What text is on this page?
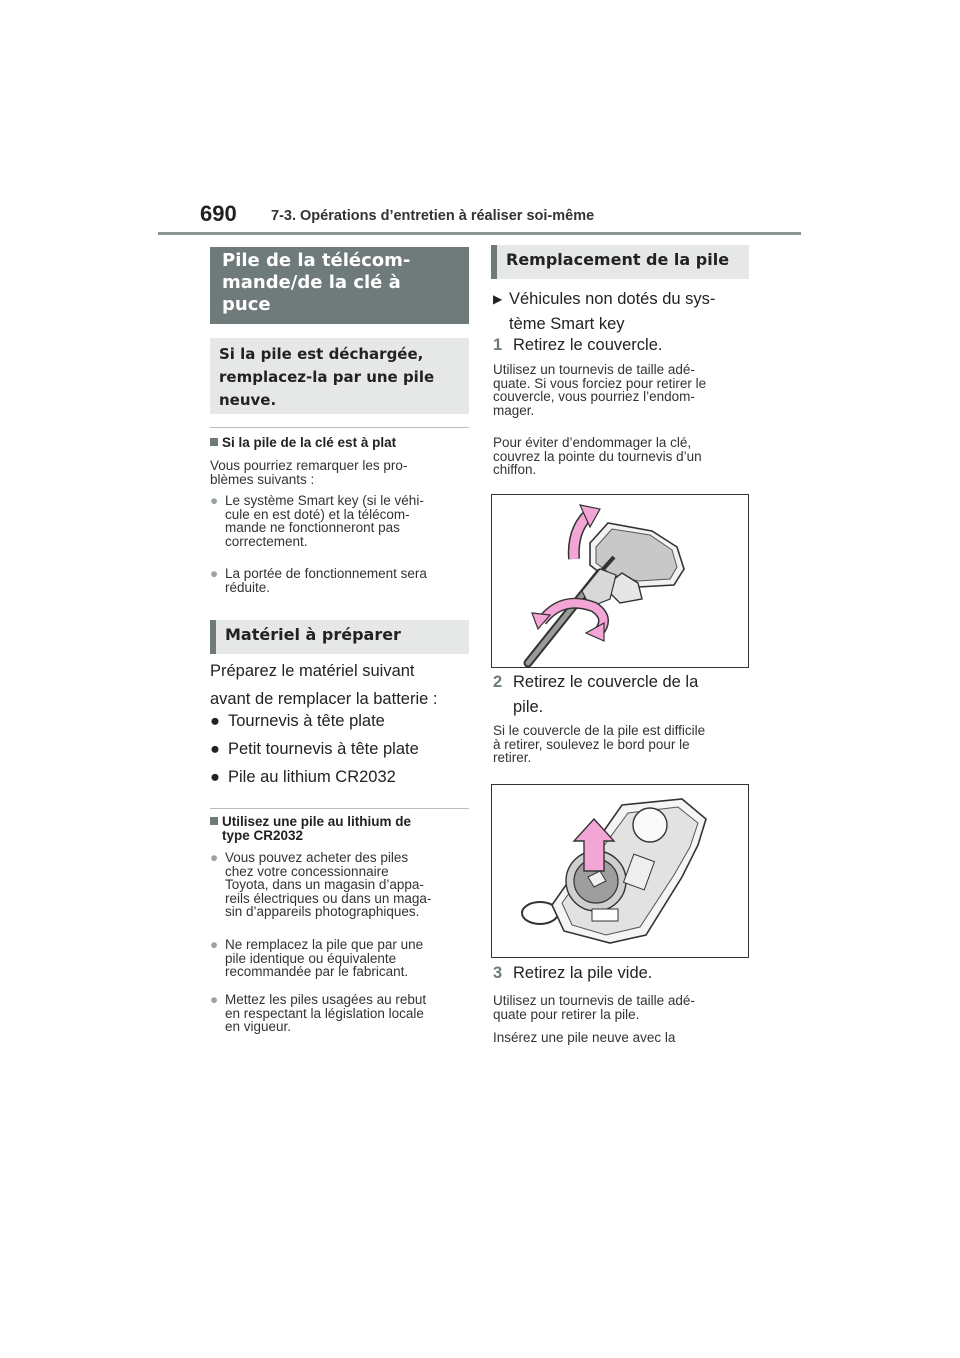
690 7-3. Opérations d’entretien à réaliser soi-même
Pile de la télécom-
mande/de la clé à
puce
Si la pile est déchargée,
remplacez-la par une pile
neuve.
Si la pile de la clé est à plat
Vous pourriez remarquer les pro-
blèmes suivants :
● Le système Smart key (si le véhi-
cule en est doté) et la télécom-
mande ne fonctionneront pas
correctement.
● La portée de fonctionnement sera
réduite.
Matériel à préparer
Préparez le matériel suivant
avant de remplacer la batterie :
● Tournevis à tête plate
● Petit tournevis à tête plate
● Pile au lithium CR2032
Utilisez une pile au lithium de
type CR2032
● Vous pouvez acheter des piles
chez votre concessionnaire
Toyota, dans un magasin d’appa-
reils électriques ou dans un maga-
sin d’appareils photographiques.
● Ne remplacez la pile que par une
pile identique ou équivalente
recommandée par le fabricant.
● Mettez les piles usagées au rebut
en respectant la législation locale
en vigueur.
Remplacement de la pile
▶ Véhicules non dotés du sys-
tème Smart key
1 Retirez le couvercle.
Utilisez un tournevis de taille adé-
quate. Si vous forciez pour retirer le
couvercle, vous pourriez l’endom-
mager.
Pour éviter d’endommager la clé,
couvrez la pointe du tournevis d’un
chiffon.
2 Retirez le couvercle de la
pile.
Si le couvercle de la pile est difficile
à retirer, soulevez le bord pour le
retirer.
3 Retirez la pile vide.
Utilisez un tournevis de taille adé-
quate pour retirer la pile.
Insérez une pile neuve avec la
